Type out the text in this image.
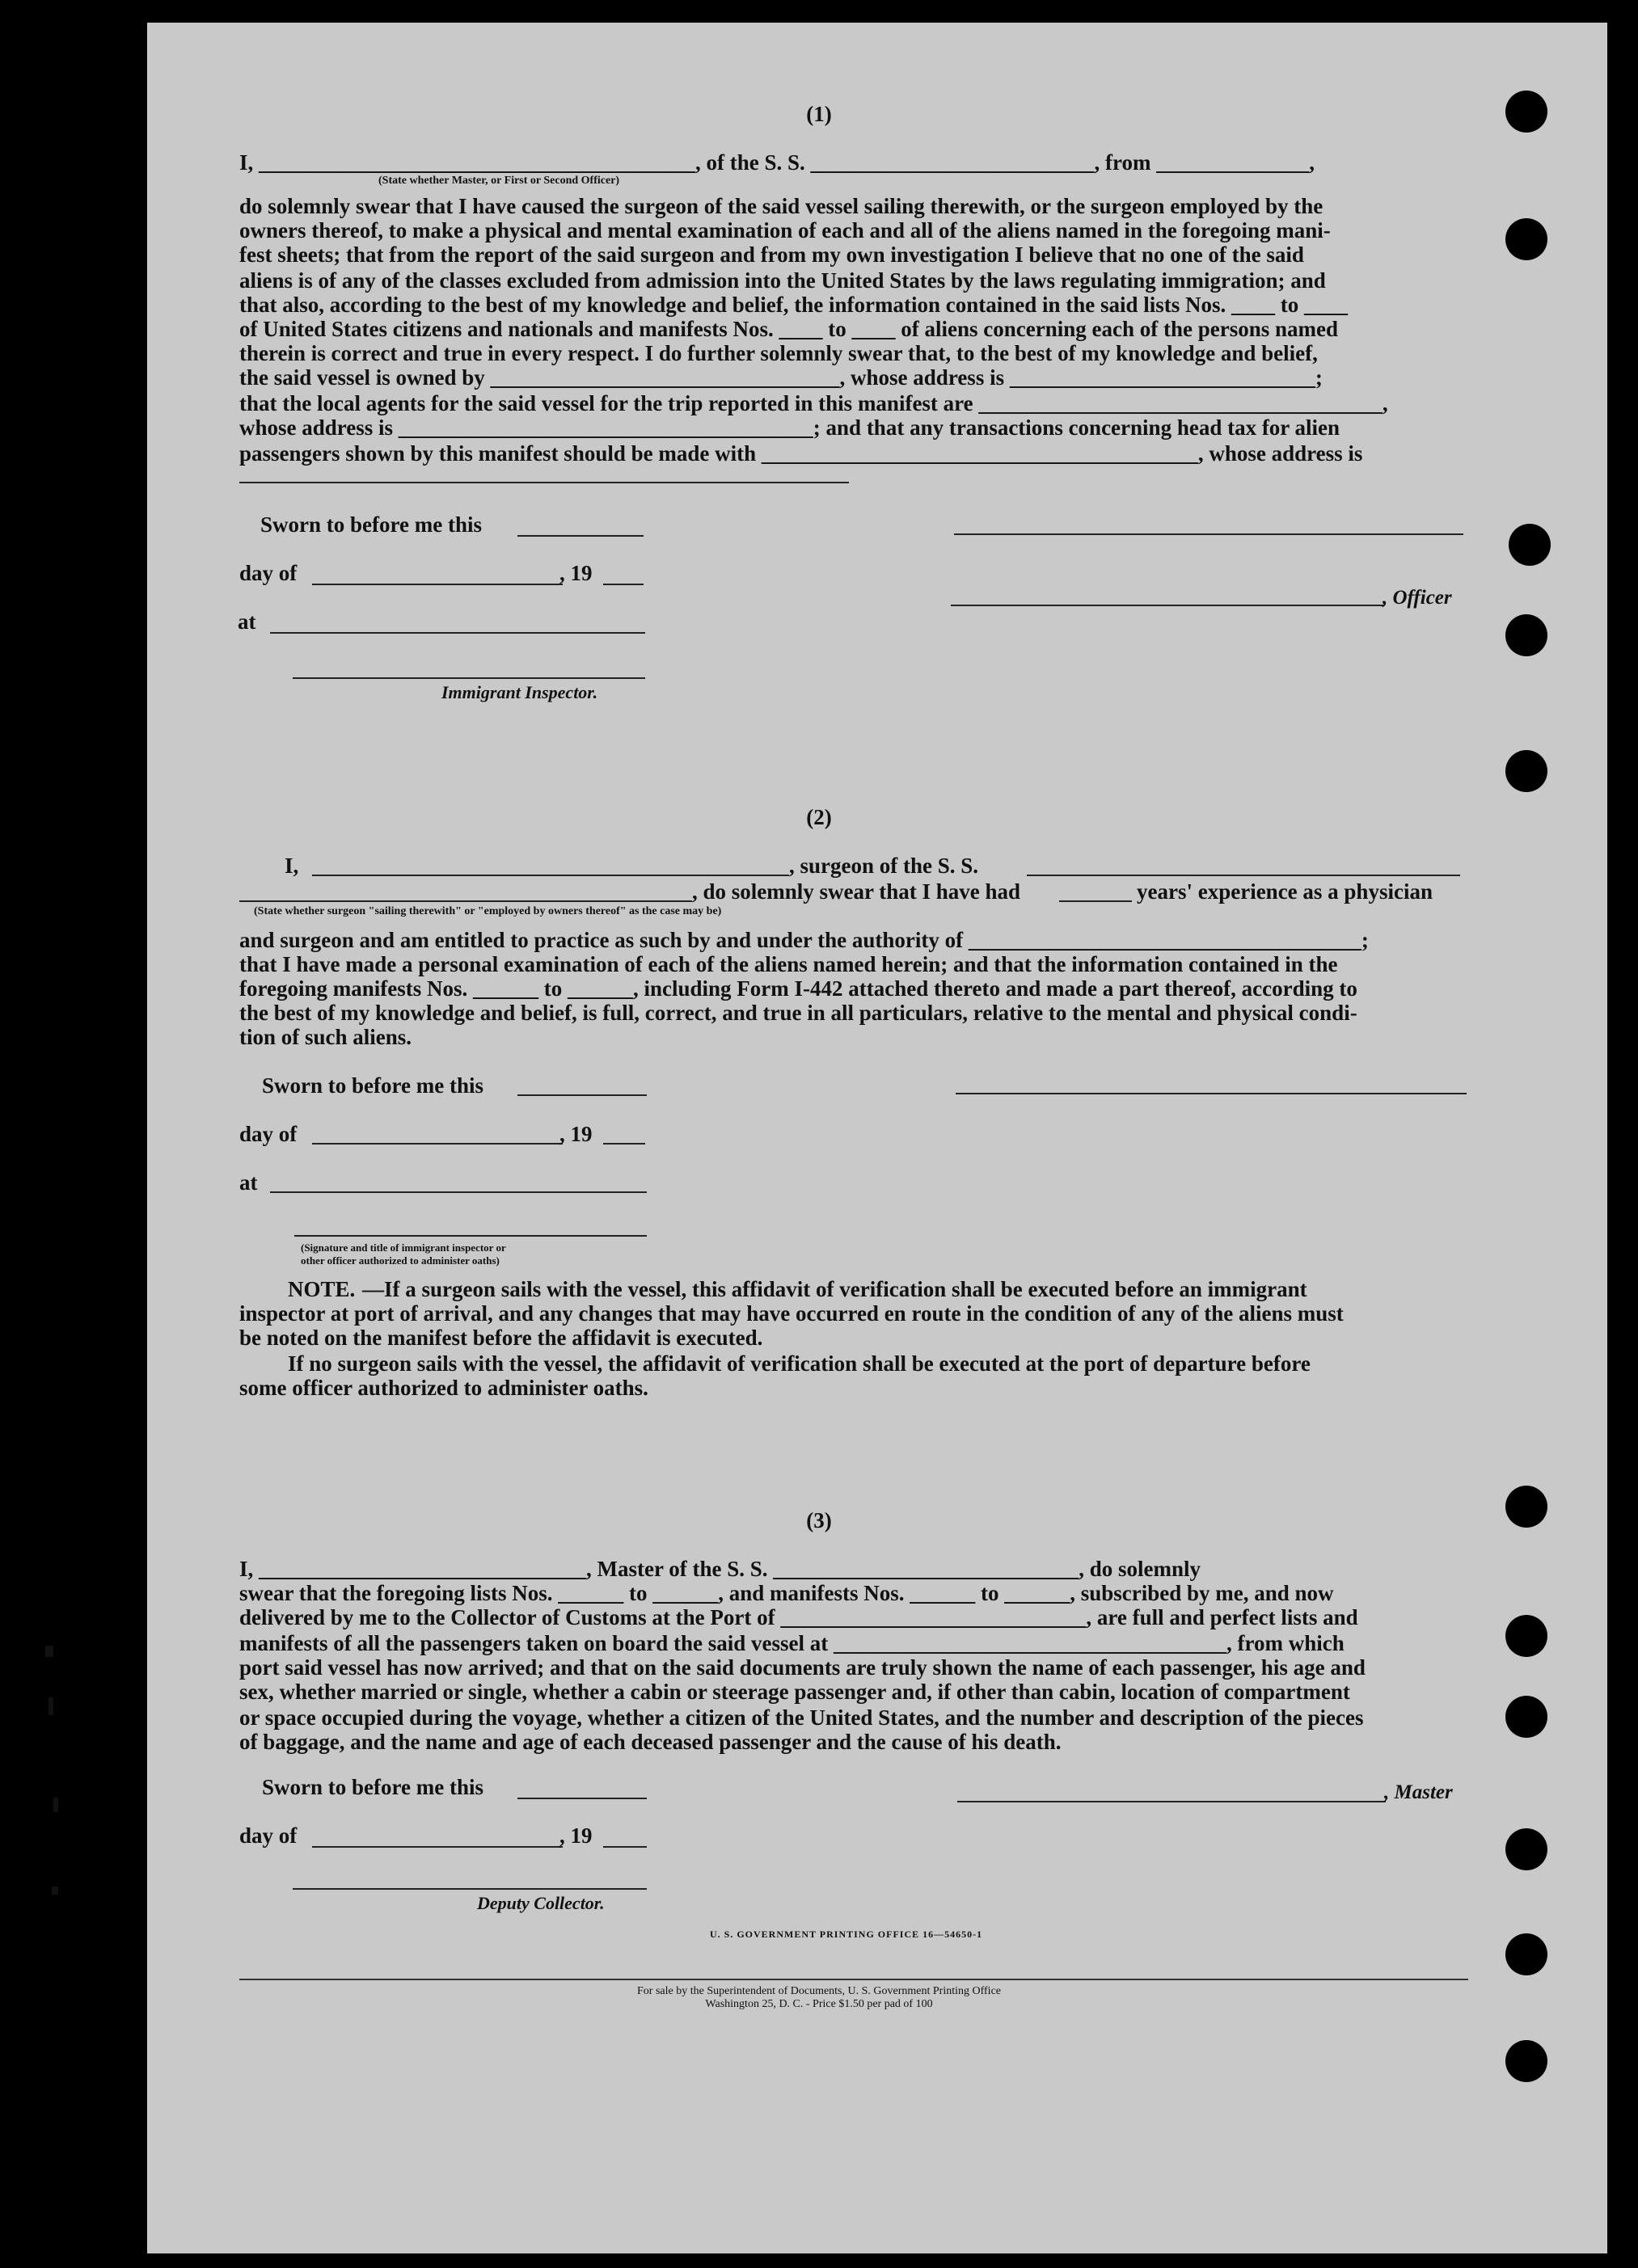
(1)
I, ________________________________________, of the S. S. __________________________, from ______________,
(State whether Master, or First or Second Officer)
do solemnly swear that I have caused the surgeon of the said vessel sailing therewith, or the surgeon employed by the
owners thereof, to make a physical and mental examination of each and all of the aliens named in the foregoing mani-
fest sheets; that from the report of the said surgeon and from my own investigation I believe that no one of the said
aliens is of any of the classes excluded from admission into the United States by the laws regulating immigration; and
that also, according to the best of my knowledge and belief, the information contained in the said lists Nos. ____ to ____
of United States citizens and nationals and manifests Nos. ____ to ____ of aliens concerning each of the persons named
therein is correct and true in every respect. I do further solemnly swear that, to the best of my knowledge and belief,
the said vessel is owned by ________________________________, whose address is ____________________________;
that the local agents for the said vessel for the trip reported in this manifest are _____________________________________,
whose address is ______________________________________; and that any transactions concerning head tax for alien
passengers shown by this manifest should be made with ________________________________________, whose address is
Sworn to before me this
day of	, 19
, Officer
at
Immigrant Inspector.
(2)
I,	, surgeon of the S. S.
, do solemnly swear that I have had	years' experience as a physician
(State whether surgeon "sailing therewith" or "employed by owners thereof" as the case may be)
and surgeon and am entitled to practice as such by and under the authority of ____________________________________;
that I have made a personal examination of each of the aliens named herein; and that the information contained in the
foregoing manifests Nos. ______ to ______, including Form I-442 attached thereto and made a part thereof, according to
the best of my knowledge and belief, is full, correct, and true in all particulars, relative to the mental and physical condi-
tion of such aliens.
Sworn to before me this
day of	, 19
at
(Signature and title of immigrant inspector or
other officer authorized to administer oaths)
NOTE. —If a surgeon sails with the vessel, this affidavit of verification shall be executed before an immigrant
inspector at port of arrival, and any changes that may have occurred en route in the condition of any of the aliens must
be noted on the manifest before the affidavit is executed.
If no surgeon sails with the vessel, the affidavit of verification shall be executed at the port of departure before
some officer authorized to administer oaths.
(3)
I, ______________________________, Master of the S. S. ____________________________, do solemnly
swear that the foregoing lists Nos. ______ to ______, and manifests Nos. ______ to ______, subscribed by me, and now
delivered by me to the Collector of Customs at the Port of ____________________________, are full and perfect lists and
manifests of all the passengers taken on board the said vessel at ____________________________________, from which
port said vessel has now arrived; and that on the said documents are truly shown the name of each passenger, his age and
sex, whether married or single, whether a cabin or steerage passenger and, if other than cabin, location of compartment
or space occupied during the voyage, whether a citizen of the United States, and the number and description of the pieces
of baggage, and the name and age of each deceased passenger and the cause of his death.
Sworn to before me this	, Master
day of	, 19
Deputy Collector.
U. S. GOVERNMENT PRINTING OFFICE 16—54650-1
For sale by the Superintendent of Documents, U. S. Government Printing Office
Washington 25, D. C. - Price $1.50 per pad of 100
